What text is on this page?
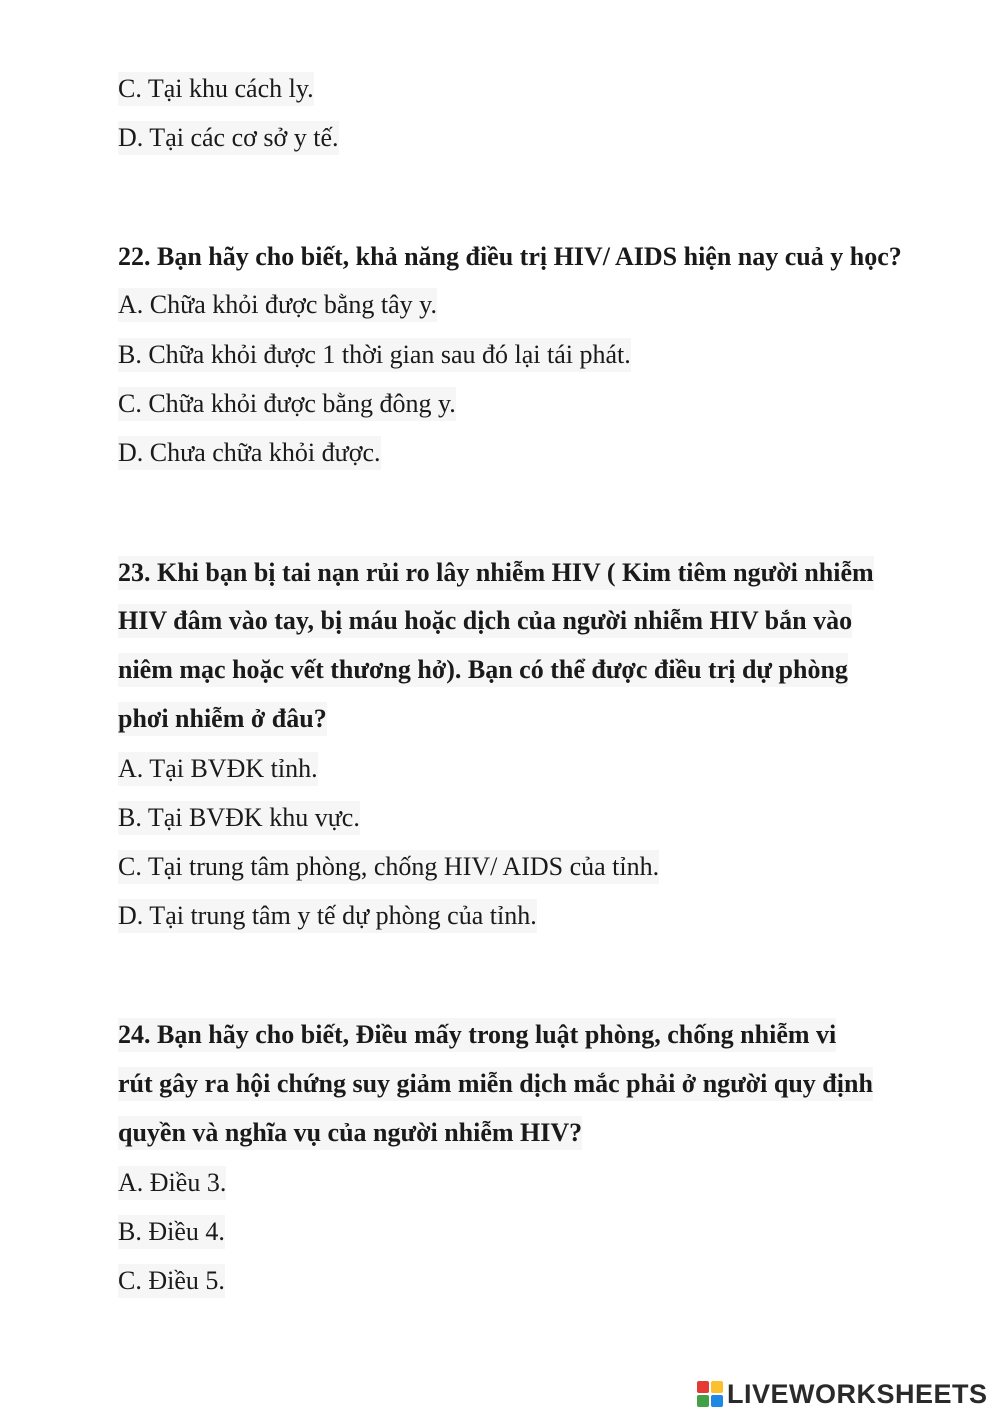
C. Tại khu cách ly.
D. Tại các cơ sở y tế.
22. Bạn hãy cho biết, khả năng điều trị HIV/ AIDS hiện nay cuả y học?
A. Chữa khỏi được bằng tây y.
B. Chữa khỏi được 1 thời gian sau đó lại tái phát.
C. Chữa khỏi được bằng đông y.
D. Chưa chữa khỏi được.
23. Khi bạn bị tai nạn rủi ro lây nhiễm HIV ( Kim tiêm người nhiễm
HIV đâm vào tay, bị máu hoặc dịch của người nhiễm HIV bắn vào
niêm mạc hoặc vết thương hở). Bạn có thể được điều trị dự phòng
phơi nhiễm ở đâu?
A. Tại BVĐK tỉnh.
B. Tại BVĐK khu vực.
C. Tại trung tâm phòng, chống HIV/ AIDS của tỉnh.
D. Tại trung tâm y tế dự phòng của tỉnh.
24. Bạn hãy cho biết, Điều mấy trong luật phòng, chống nhiễm vi
rút gây ra hội chứng suy giảm miễn dịch mắc phải ở người quy định
quyền và nghĩa vụ của người nhiễm HIV?
A. Điều 3.
B. Điều 4.
C. Điều 5.
LIVEWORKSHEETS
